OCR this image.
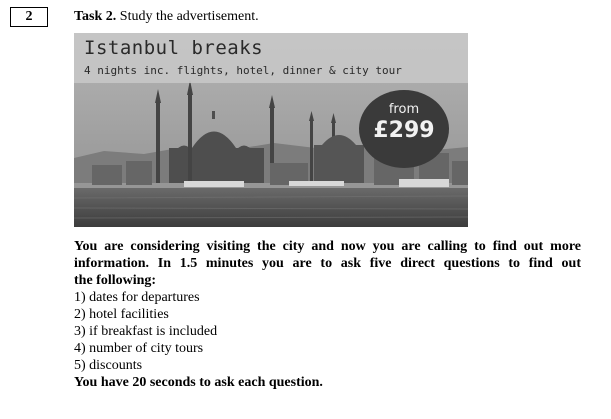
2	Task 2. Study the advertisement.
Istanbul breaks
4 nights inc. flights, hotel, dinner & city tour
from
£299
You are considering visiting the city and now you are calling to find out more
information. In 1.5 minutes you are to ask five direct questions to find out
the following:
1) dates for departures
2) hotel facilities
3) if breakfast is included
4) number of city tours
5) discounts
You have 20 seconds to ask each question.
